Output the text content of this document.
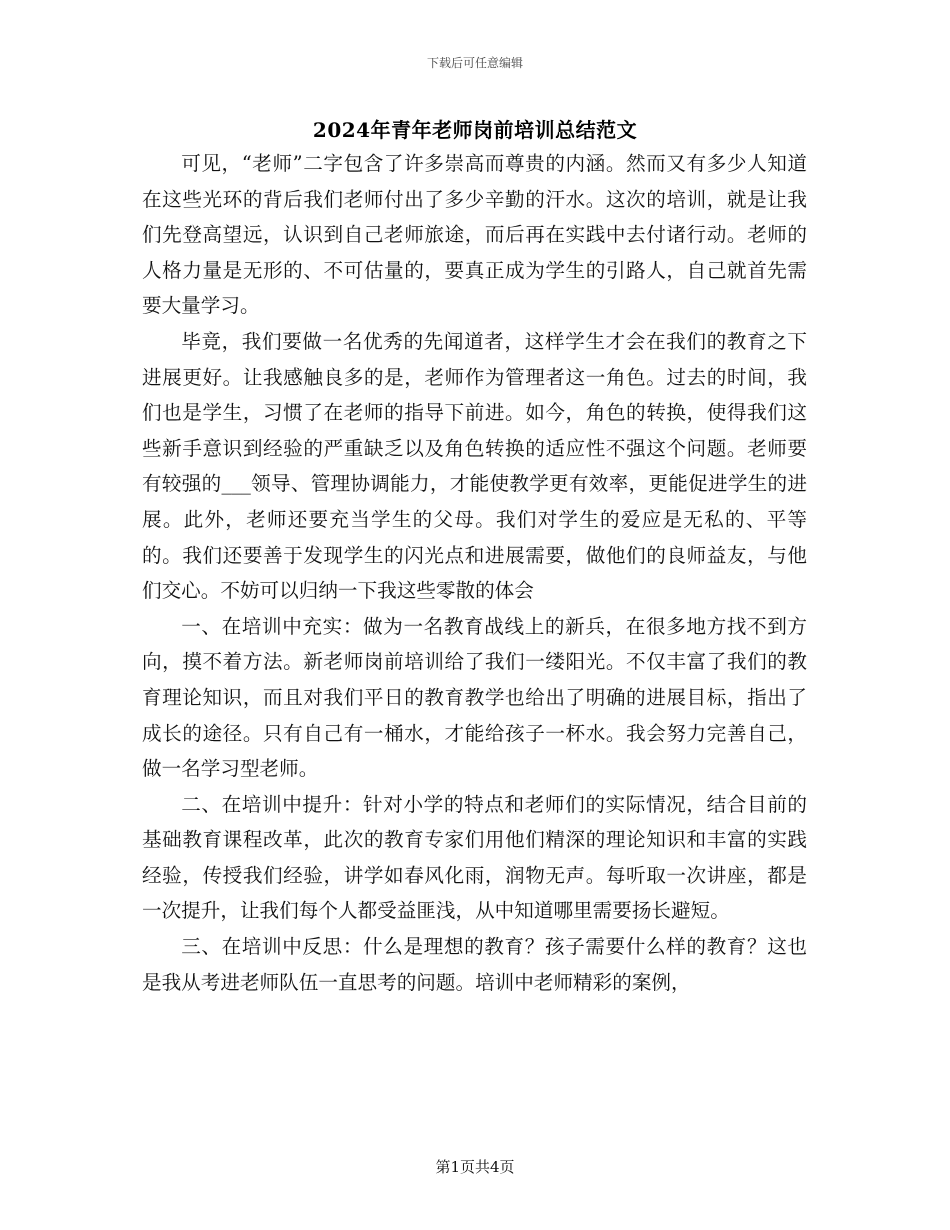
下载后可任意编辑
2024年青年老师岗前培训总结范文

可见，“老师”二字包含了许多崇高而尊贵的内涵。然而又有多少人知道在这些光环的背后我们老师付出了多少辛勤的汗水。这次的培训，就是让我们先登高望远，认识到自己老师旅途，而后再在实践中去付诸行动。老师的人格力量是无形的、不可估量的，要真正成为学生的引路人，自己就首先需要大量学习。

毕竟，我们要做一名优秀的先闻道者，这样学生才会在我们的教育之下进展更好。让我感触良多的是，老师作为管理者这一角色。过去的时间，我们也是学生，习惯了在老师的指导下前进。如今，角色的转换，使得我们这些新手意识到经验的严重缺乏以及角色转换的适应性不强这个问题。老师要有较强的___领导、管理协调能力，才能使教学更有效率，更能促进学生的进展。此外，老师还要充当学生的父母。我们对学生的爱应是无私的、平等的。我们还要善于发现学生的闪光点和进展需要，做他们的良师益友，与他们交心。不妨可以归纳一下我这些零散的体会

一、在培训中充实：做为一名教育战线上的新兵，在很多地方找不到方向，摸不着方法。新老师岗前培训给了我们一缕阳光。不仅丰富了我们的教育理论知识，而且对我们平日的教育教学也给出了明确的进展目标，指出了成长的途径。只有自己有一桶水，才能给孩子一杯水。我会努力完善自己，做一名学习型老师。

二、在培训中提升：针对小学的特点和老师们的实际情况，结合目前的基础教育课程改革，此次的教育专家们用他们精深的理论知识和丰富的实践经验，传授我们经验，讲学如春风化雨，润物无声。每听取一次讲座，都是一次提升，让我们每个人都受益匪浅，从中知道哪里需要扬长避短。

三、在培训中反思：什么是理想的教育？孩子需要什么样的教育？这也是我从考进老师队伍一直思考的问题。培训中老师精彩的案例，

第1页共4页
